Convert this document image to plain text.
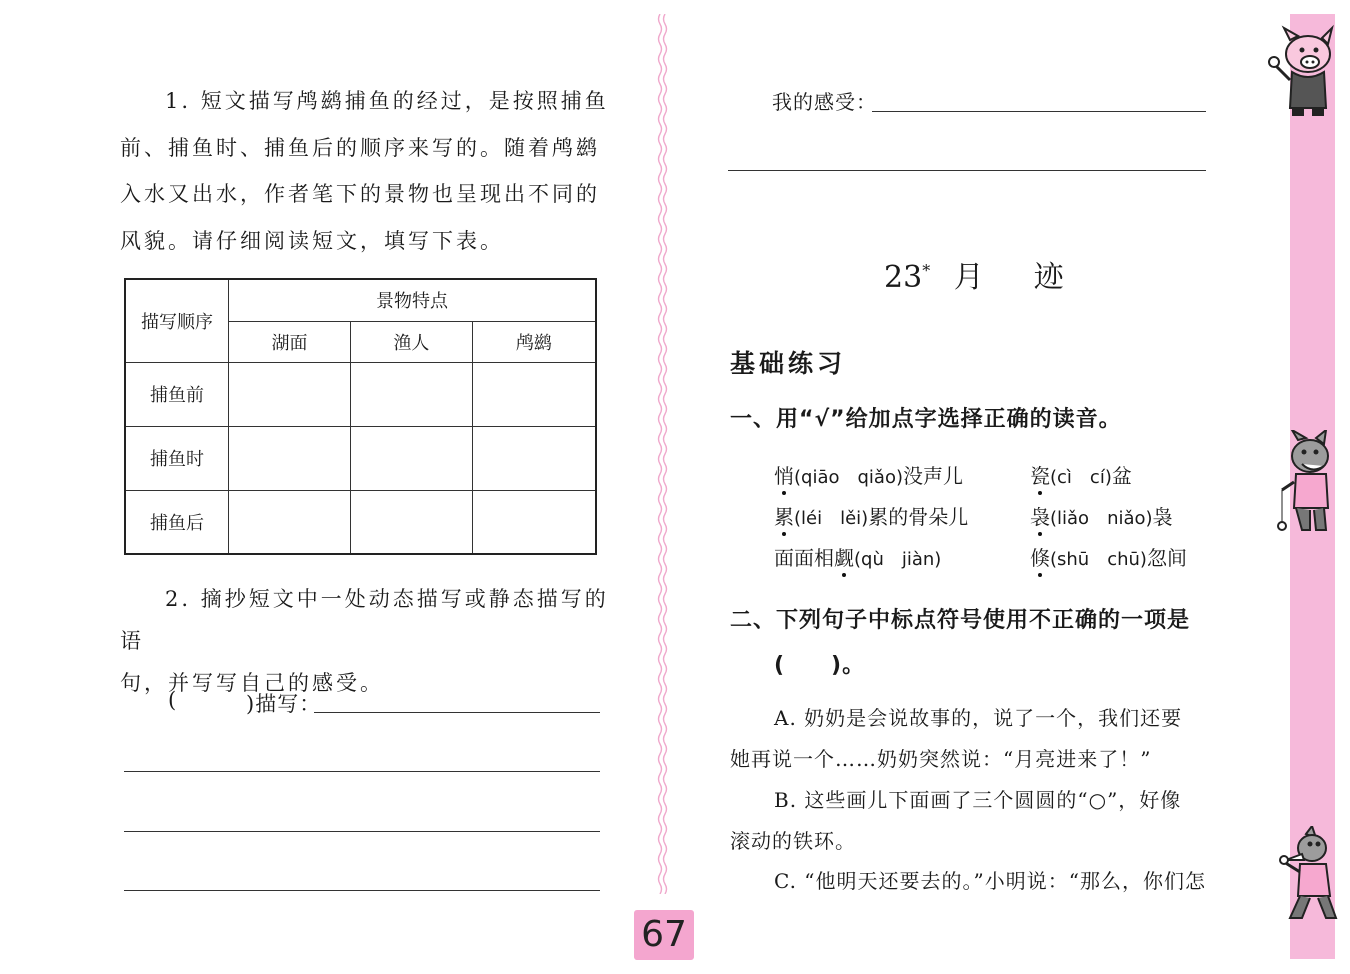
1. 短文描写鸬鹚捕鱼的经过，是按照捕鱼

前、捕鱼时、捕鱼后的顺序来写的。随着鸬鹚

入水又出水，作者笔下的景物也呈现出不同的

风貌。请仔细阅读短文，填写下表。

描写顺序	景物特点		
	湖面	渔人	鸬鹚
捕鱼前			
捕鱼时			
捕鱼后			

2. 摘抄短文中一处动态描写或静态描写的语

句，并写写自己的感受。

(	)描写：
67
我的感受：
23* 月　迹
基础练习
一、用“√”给加点字选择正确的读音。
悄(qiāo　qiǎo)没声儿	瓷(cì　cí)盆
累(léi　lěi)累的骨朵儿	袅(liǎo　niǎo)袅
面面相觑(qù　jiàn)	倏(shū　chū)忽间
二、下列句子中标点符号使用不正确的一项是
(　　)。
A. 奶奶是会说故事的，说了一个，我们还要
她再说一个……奶奶突然说：“月亮进来了！”
B. 这些画儿下面画了三个圆圆的“○”，好像
滚动的铁环。
C. “他明天还要去的。”小明说：“那么，你们怎
